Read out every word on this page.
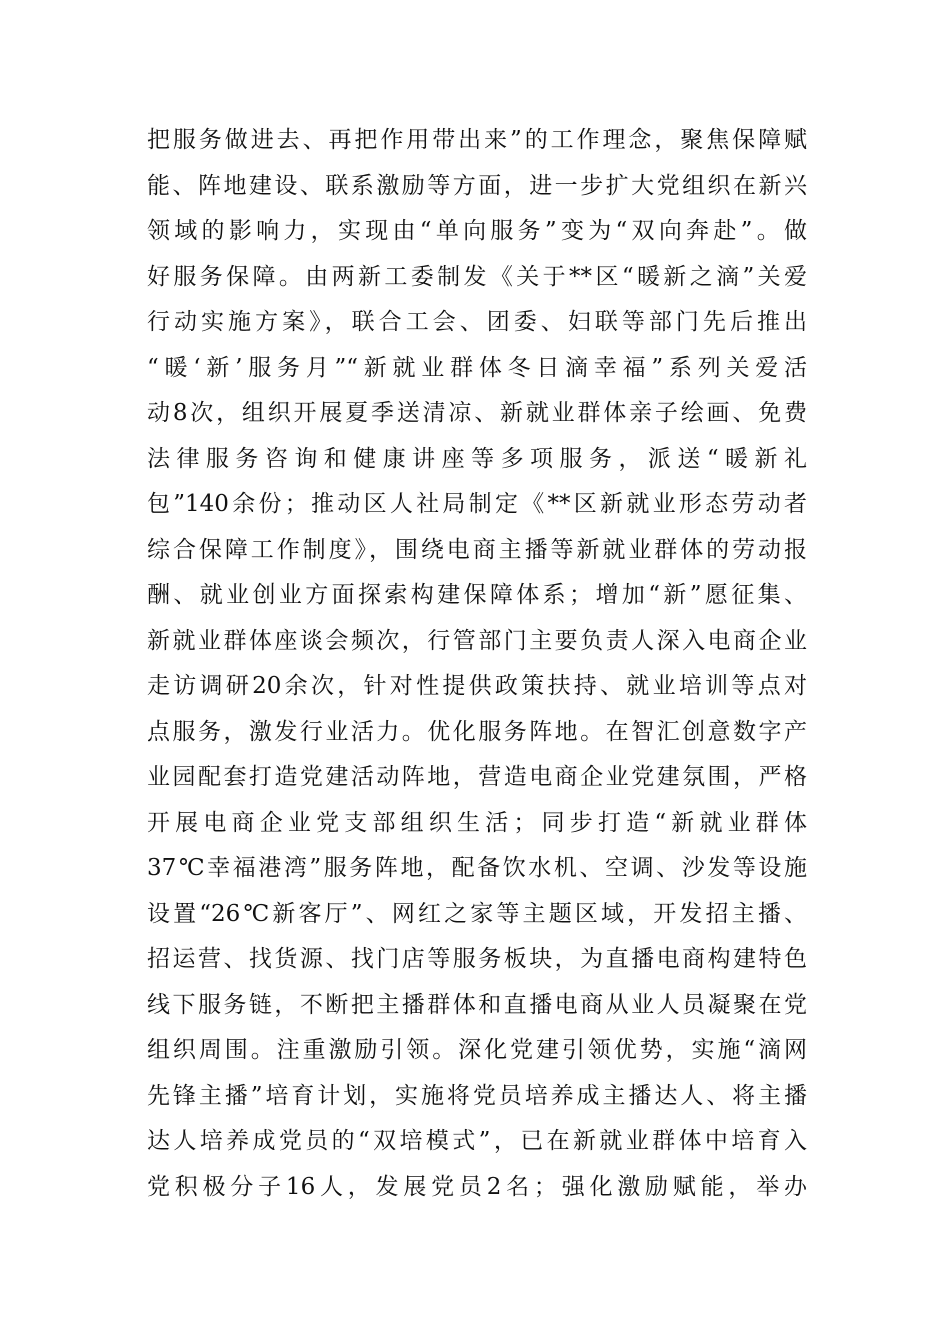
把服务做进去、再把作用带出来”的工作理念，聚焦保障赋
能、阵地建设、联系激励等方面，进一步扩大党组织在新兴
领域的影响力，实现由“单向服务”变为“双向奔赴”。做
好服务保障。由两新工委制发《关于**区“暖新之滴”关爱
行动实施方案》，联合工会、团委、妇联等部门先后推出
“暖‘新’服务月”“新就业群体冬日滴幸福”系列关爱活
动8次，组织开展夏季送清凉、新就业群体亲子绘画、免费
法律服务咨询和健康讲座等多项服务，派送“暖新礼
包”140余份；推动区人社局制定《**区新就业形态劳动者
综合保障工作制度》，围绕电商主播等新就业群体的劳动报
酬、就业创业方面探索构建保障体系；增加“新”愿征集、
新就业群体座谈会频次，行管部门主要负责人深入电商企业
走访调研20余次，针对性提供政策扶持、就业培训等点对
点服务，激发行业活力。优化服务阵地。在智汇创意数字产
业园配套打造党建活动阵地，营造电商企业党建氛围，严格
开展电商企业党支部组织生活；同步打造“新就业群体
37℃幸福港湾”服务阵地，配备饮水机、空调、沙发等设施
设置“26℃新客厅”、网红之家等主题区域，开发招主播、
招运营、找货源、找门店等服务板块，为直播电商构建特色
线下服务链，不断把主播群体和直播电商从业人员凝聚在党
组织周围。注重激励引领。深化党建引领优势，实施“滴网
先锋主播”培育计划，实施将党员培养成主播达人、将主播
达人培养成党员的“双培模式”，已在新就业群体中培育入
党积极分子16人，发展党员2名；强化激励赋能，举办
